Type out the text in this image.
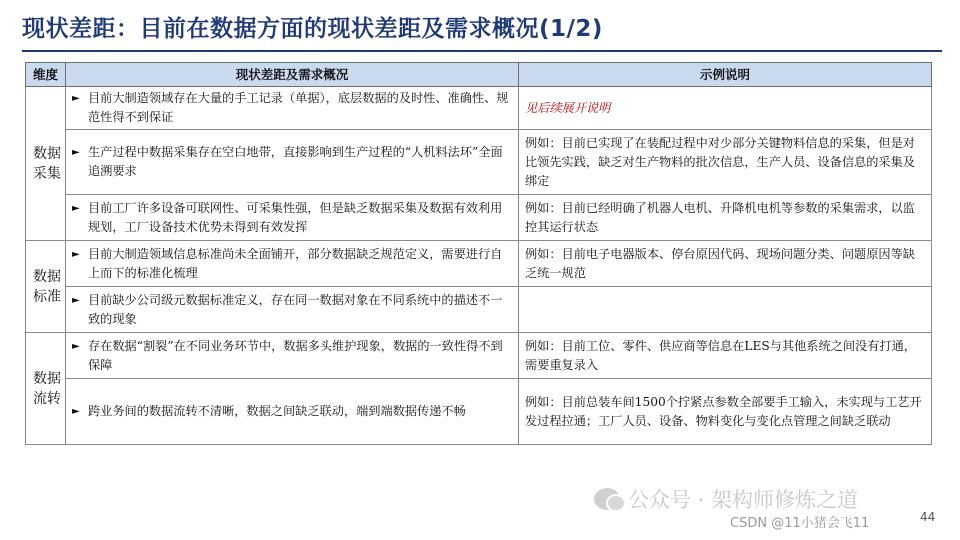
现状差距：目前在数据方面的现状差距及需求概况(1/2)
维度	现状差距及需求概况	示例说明

数据采集	► 目前大制造领域存在大量的手工记录（单据），底层数据的及时性、准确性、规范性得不到保证	见后续展开说明

	► 生产过程中数据采集存在空白地带，直接影响到生产过程的“人机料法环”全面追溯要求	例如：目前已实现了在装配过程中对少部分关键物料信息的采集，但是对比领先实践，缺乏对生产物料的批次信息，生产人员、设备信息的采集及绑定

	► 目前工厂许多设备可联网性、可采集性强，但是缺乏数据采集及数据有效利用规划，工厂设备技术优势未得到有效发挥	例如：目前已经明确了机器人电机、升降机电机等参数的采集需求，以监控其运行状态

数据标准	► 目前大制造领域信息标准尚未全面铺开，部分数据缺乏规范定义，需要进行自上而下的标准化梳理	例如：目前电子电器版本、停台原因代码、现场问题分类、问题原因等缺乏统一规范

	► 目前缺少公司级元数据标准定义，存在同一数据对象在不同系统中的描述不一致的现象	

数据流转	► 存在数据“割裂”在不同业务环节中，数据多头维护现象，数据的一致性得不到保障	例如：目前工位、零件、供应商等信息在LES与其他系统之间没有打通，需要重复录入

	► 跨业务间的数据流转不清晰，数据之间缺乏联动，端到端数据传递不畅	例如：目前总装车间1500个拧紧点参数全部要手工输入，未实现与工艺开发过程拉通；工厂人员、设备、物料变化与变化点管理之间缺乏联动
公众号 · 架构师修炼之道
CSDN @11小猪会飞11	44
